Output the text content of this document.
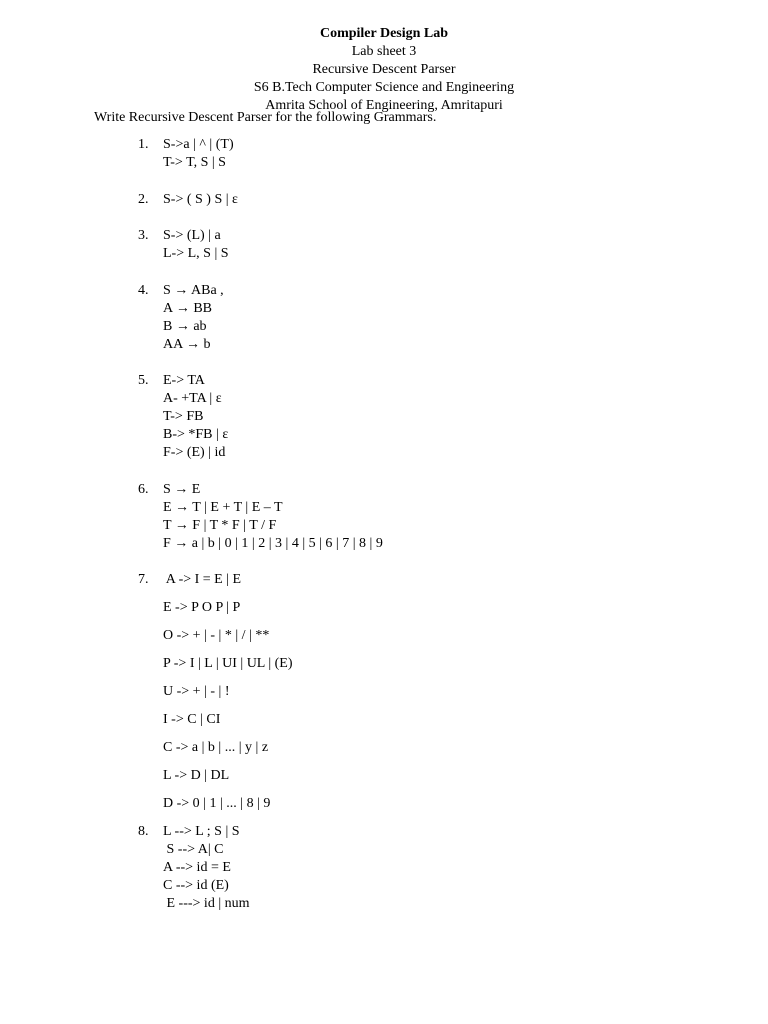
Compiler Design Lab
Lab sheet 3
Recursive Descent Parser
S6 B.Tech Computer Science and Engineering
Amrita School of Engineering, Amritapuri
Write Recursive Descent Parser for the following Grammars.
1. S->a | ^ | (T)
T-> T, S | S
2. S-> ( S ) S | ε
3. S-> (L) | a
L-> L, S | S
4. S → ABa ,
A → BB
B → ab
AA → b
5. E-> TA
A- +TA | ε
T-> FB
B-> *FB | ε
F-> (E) | id
6. S → E
E → T | E + T | E – T
T → F | T * F | T / F
F → a | b | 0 | 1 | 2 | 3 | 4 | 5 | 6 | 7 | 8 | 9
7. A -> I = E | E
E -> P O P | P
O -> + | - | * | / | **
P -> I | L | UI | UL | (E)
U -> + | - | !
I -> C | CI
C -> a | b | ... | y | z
L -> D | DL
D -> 0 | 1 | ... | 8 | 9
8. L --> L ; S | S
S --> A| C
A --> id = E
C --> id (E)
E ---> id | num
